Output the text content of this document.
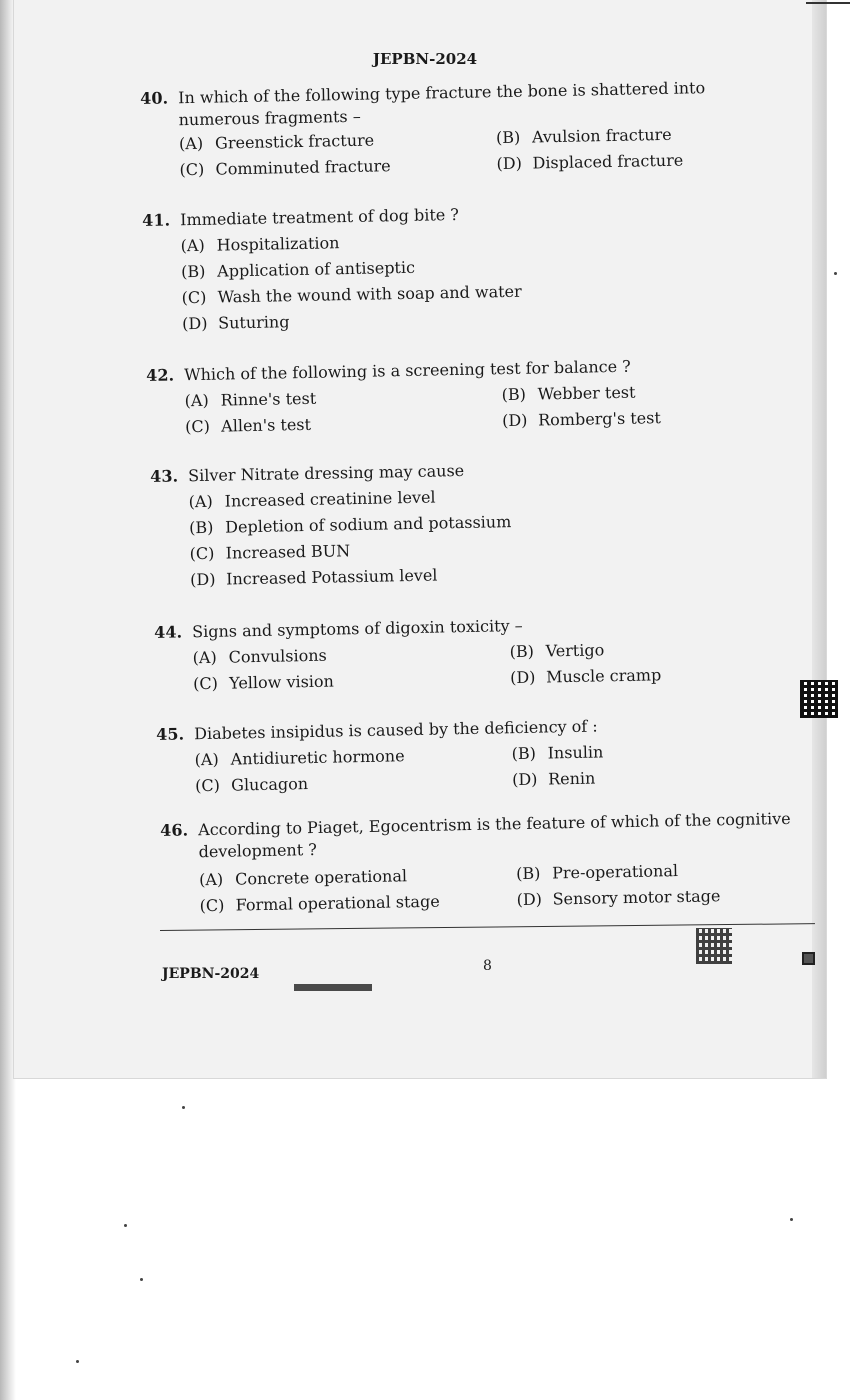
JEPBN-2024
40. In which of the following type fracture the bone is shattered into numerous fragments –
(A) Greenstick fracture	(B) Avulsion fracture
(C) Comminuted fracture	(D) Displaced fracture
41. Immediate treatment of dog bite ?
(A) Hospitalization
(B) Application of antiseptic
(C) Wash the wound with soap and water
(D) Suturing
42. Which of the following is a screening test for balance ?
(A) Rinne's test	(B) Webber test
(C) Allen's test	(D) Romberg's test
43. Silver Nitrate dressing may cause
(A) Increased creatinine level
(B) Depletion of sodium and potassium
(C) Increased BUN
(D) Increased Potassium level
44. Signs and symptoms of digoxin toxicity –
(A) Convulsions	(B) Vertigo
(C) Yellow vision	(D) Muscle cramp
45. Diabetes insipidus is caused by the deficiency of :
(A) Antidiuretic hormone	(B) Insulin
(C) Glucagon	(D) Renin
46. According to Piaget, Egocentrism is the feature of which of the cognitive development ?
(A) Concrete operational	(B) Pre-operational
(C) Formal operational stage	(D) Sensory motor stage
JEPBN-2024	8
